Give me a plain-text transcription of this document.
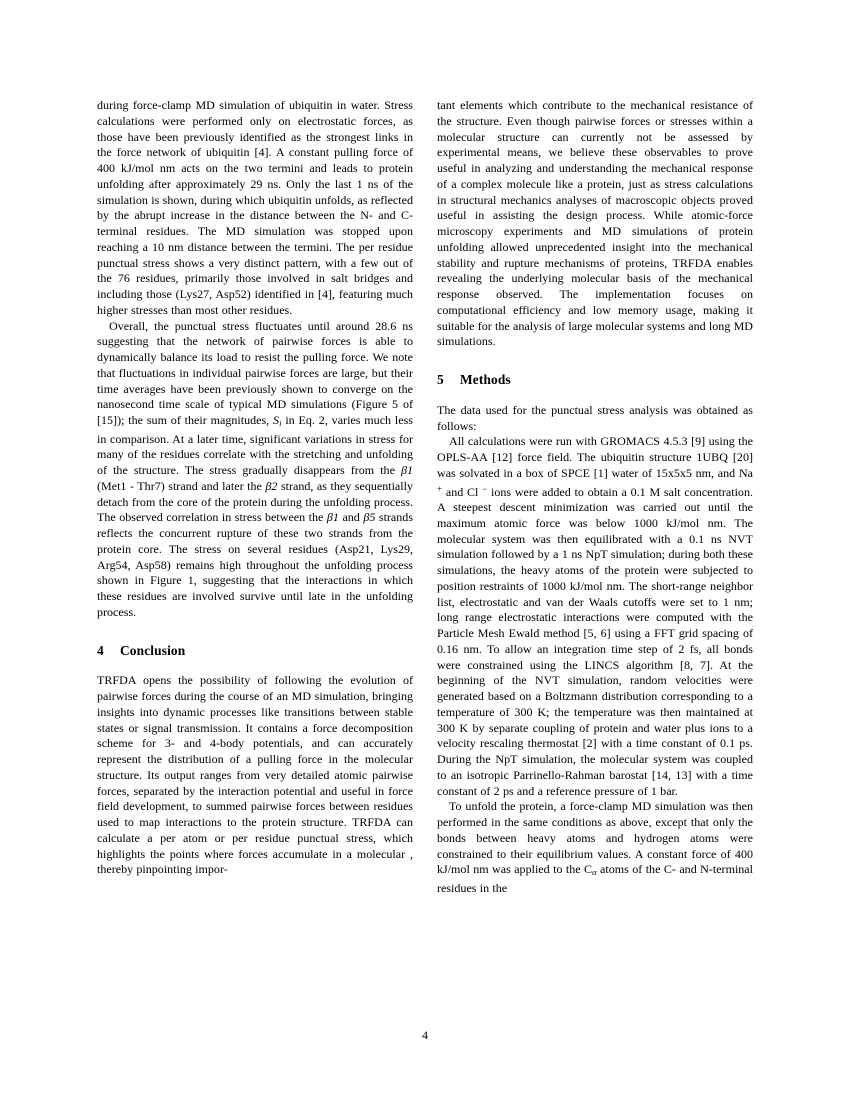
during force-clamp MD simulation of ubiquitin in water. Stress calculations were performed only on electrostatic forces, as those have been previously identified as the strongest links in the force network of ubiquitin [4]. A constant pulling force of 400 kJ/mol nm acts on the two termini and leads to protein unfolding after approximately 29 ns. Only the last 1 ns of the simulation is shown, during which ubiquitin unfolds, as reflected by the abrupt increase in the distance between the N- and C-terminal residues. The MD simulation was stopped upon reaching a 10 nm distance between the termini. The per residue punctual stress shows a very distinct pattern, with a few out of the 76 residues, primarily those involved in salt bridges and including those (Lys27, Asp52) identified in [4], featuring much higher stresses than most other residues.

Overall, the punctual stress fluctuates until around 28.6 ns suggesting that the network of pairwise forces is able to dynamically balance its load to resist the pulling force. We note that fluctuations in individual pairwise forces are large, but their time averages have been previously shown to converge on the nanosecond time scale of typical MD simulations (Figure 5 of [15]); the sum of their magnitudes, $S_i$ in Eq. 2, varies much less in comparison. At a later time, significant variations in stress for many of the residues correlate with the stretching and unfolding of the structure. The stress gradually disappears from the β1 (Met1 - Thr7) strand and later the β2 strand, as they sequentially detach from the core of the protein during the unfolding process. The observed correlation in stress between the β1 and β5 strands reflects the concurrent rupture of these two strands from the protein core. The stress on several residues (Asp21, Lys29, Arg54, Asp58) remains high throughout the unfolding process shown in Figure 1, suggesting that the interactions in which these residues are involved survive until late in the unfolding process.

4 Conclusion

TRFDA opens the possibility of following the evolution of pairwise forces during the course of an MD simulation, bringing insights into dynamic processes like transitions between stable states or signal transmission. It contains a force decomposition scheme for 3- and 4-body potentials, and can accurately represent the distribution of a pulling force in the molecular structure. Its output ranges from very detailed atomic pairwise forces, separated by the interaction potential and useful in force field development, to summed pairwise forces between residues used to map interactions to the protein structure. TRFDA can calculate a per atom or per residue punctual stress, which highlights the points where forces accumulate in a molecular , thereby pinpointing impor-

tant elements which contribute to the mechanical resistance of the structure. Even though pairwise forces or stresses within a molecular structure can currently not be assessed by experimental means, we believe these observables to prove useful in analyzing and understanding the mechanical response of a complex molecule like a protein, just as stress calculations in structural mechanics analyses of macroscopic objects proved useful in assisting the design process. While atomic-force microscopy experiments and MD simulations of protein unfolding allowed unprecedented insight into the mechanical stability and rupture mechanisms of proteins, TRFDA enables revealing the underlying molecular basis of the mechanical response observed. The implementation focuses on computational efficiency and low memory usage, making it suitable for the analysis of large molecular systems and long MD simulations.

5 Methods

The data used for the punctual stress analysis was obtained as follows:

All calculations were run with GROMACS 4.5.3 [9] using the OPLS-AA [12] force field. The ubiquitin structure 1UBQ [20] was solvated in a box of SPCE [1] water of 15x5x5 nm, and Na + and Cl − ions were added to obtain a 0.1 M salt concentration. A steepest descent minimization was carried out until the maximum atomic force was below 1000 kJ/mol nm. The molecular system was then equilibrated with a 0.1 ns NVT simulation followed by a 1 ns NpT simulation; during both these simulations, the heavy atoms of the protein were subjected to position restraints of 1000 kJ/mol nm. The short-range neighbor list, electrostatic and van der Waals cutoffs were set to 1 nm; long range electrostatic interactions were computed with the Particle Mesh Ewald method [5, 6] using a FFT grid spacing of 0.16 nm. To allow an integration time step of 2 fs, all bonds were constrained using the LINCS algorithm [8, 7]. At the beginning of the NVT simulation, random velocities were generated based on a Boltzmann distribution corresponding to a temperature of 300 K; the temperature was then maintained at 300 K by separate coupling of protein and water plus ions to a velocity rescaling thermostat [2] with a time constant of 0.1 ps. During the NpT simulation, the molecular system was coupled to an isotropic Parrinello-Rahman barostat [14, 13] with a time constant of 2 ps and a reference pressure of 1 bar.

To unfold the protein, a force-clamp MD simulation was then performed in the same conditions as above, except that only the bonds between heavy atoms and hydrogen atoms were constrained to their equilibrium values. A constant force of 400 kJ/mol nm was applied to the $C_\alpha$ atoms of the C- and N-terminal residues in the

4
